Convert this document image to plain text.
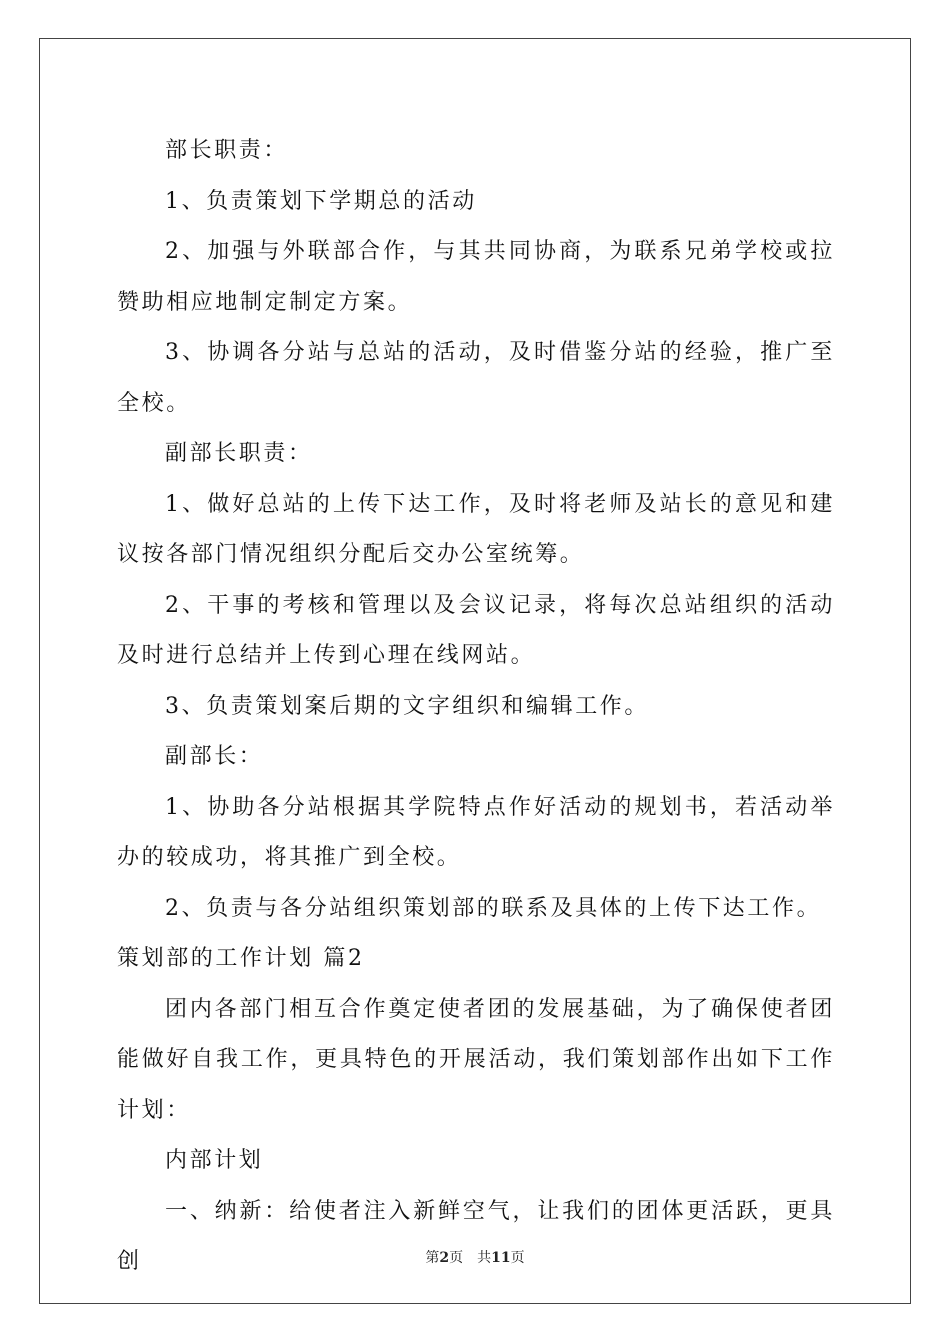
部长职责：

1、负责策划下学期总的活动

2、加强与外联部合作，与其共同协商，为联系兄弟学校或拉赞助相应地制定制定方案。

3、协调各分站与总站的活动，及时借鉴分站的经验，推广至全校。

副部长职责：

1、做好总站的上传下达工作，及时将老师及站长的意见和建议按各部门情况组织分配后交办公室统筹。

2、干事的考核和管理以及会议记录，将每次总站组织的活动及时进行总结并上传到心理在线网站。

3、负责策划案后期的文字组织和编辑工作。

副部长：

1、协助各分站根据其学院特点作好活动的规划书，若活动举办的较成功，将其推广到全校。

2、负责与各分站组织策划部的联系及具体的上传下达工作。

策划部的工作计划 篇2

团内各部门相互合作奠定使者团的发展基础，为了确保使者团能做好自我工作，更具特色的开展活动，我们策划部作出如下工作计划：

内部计划

一、纳新：给使者注入新鲜空气，让我们的团体更活跃，更具创	第2页　共11页
